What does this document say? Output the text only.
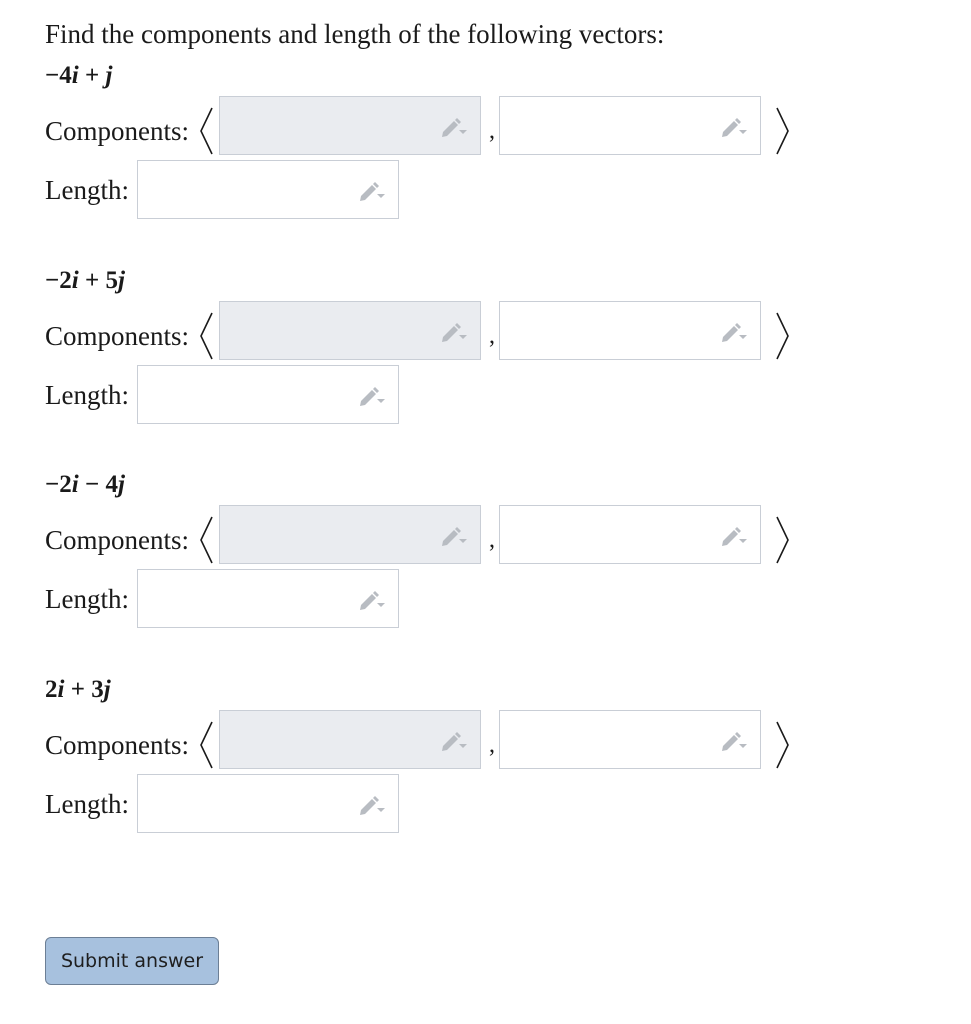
Find the components and length of the following vectors:
−4i + j
Components:	,
Length:
−2i + 5j
Components:	,
Length:
−2i − 4j
Components:	,
Length:
2i + 3j
Components:	,
Length:
Submit answer
